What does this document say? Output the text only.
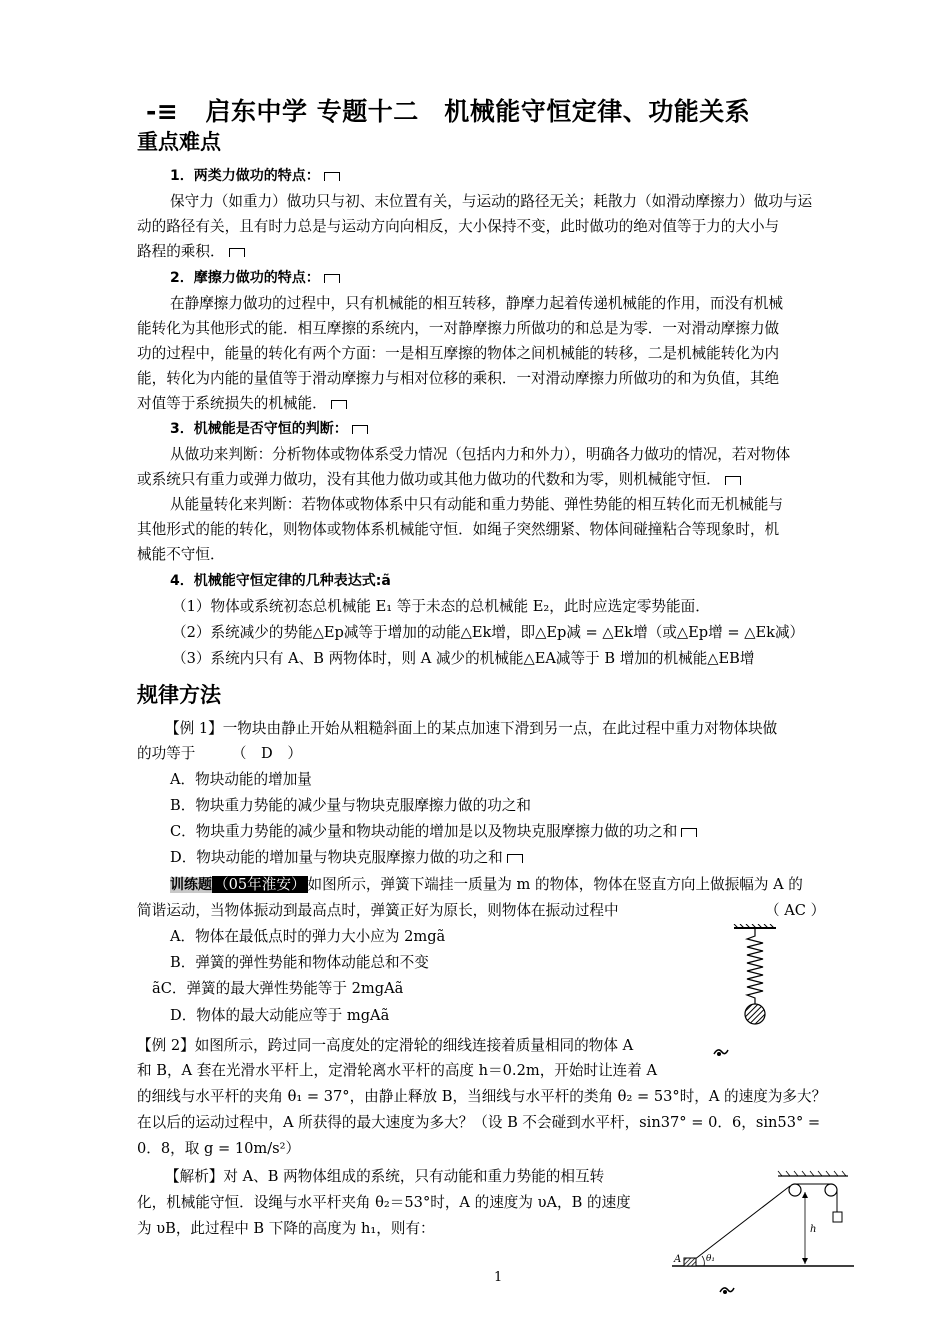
-≡ 启东中学 专题十二　机械能守恒定律、功能关系
重点难点
1．两类力做功的特点：
保守力（如重力）做功只与初、末位置有关，与运动的路径无关；耗散力（如滑动摩擦力）做功与运
动的路径有关，且有时力总是与运动方向向相反，大小保持不变，此时做功的绝对值等于力的大小与
路程的乘积．
2．摩擦力做功的特点：
在静摩擦力做功的过程中，只有机械能的相互转移，静摩力起着传递机械能的作用，而没有机械
能转化为其他形式的能．相互摩擦的系统内，一对静摩擦力所做功的和总是为零．一对滑动摩擦力做
功的过程中，能量的转化有两个方面：一是相互摩擦的物体之间机械能的转移，二是机械能转化为内
能，转化为内能的量值等于滑动摩擦力与相对位移的乘积．一对滑动摩擦力所做功的和为负值，其绝
对值等于系统损失的机械能．
3．机械能是否守恒的判断：
从做功来判断：分析物体或物体系受力情况（包括内力和外力），明确各力做功的情况，若对物体
或系统只有重力或弹力做功，没有其他力做功或其他力做功的代数和为零，则机械能守恒．
从能量转化来判断：若物体或物体系中只有动能和重力势能、弹性势能的相互转化而无机械能与
其他形式的能的转化，则物体或物体系机械能守恒．如绳子突然绷紧、物体间碰撞粘合等现象时，机
械能不守恒．
4．机械能守恒定律的几种表达式:ã
（1）物体或系统初态总机械能 E₁ 等于未态的总机械能 E₂，此时应选定零势能面．
（2）系统减少的势能△Ep减等于增加的动能△Ek增，即△Ep减 = △Ek增（或△Ep增 = △Ek减）
（3）系统内只有 A、B 两物体时，则 A 减少的机械能△EA减等于 B 增加的机械能△EB增
规律方法
【例 1】一物块由静止开始从粗糙斜面上的某点加速下滑到另一点，在此过程中重力对物体块做
的功等于　　　（　D　）
A．物块动能的增加量
B．物块重力势能的减少量与物块克服摩擦力做的功之和
C．物块重力势能的减少量和物块动能的增加是以及物块克服摩擦力做的功之和
D．物块动能的增加量与物块克服摩擦力做的功之和
训练题 （05年淮安） 如图所示，弹簧下端挂一质量为 m 的物体，物体在竖直方向上做振幅为 A 的
简谐运动，当物体振动到最高点时，弹簧正好为原长，则物体在振动过程中	（ AC ）
A．物体在最低点时的弹力大小应为 2mgã
B．弹簧的弹性势能和物体动能总和不变
ãC．弹簧的最大弹性势能等于 2mgAã
D．物体的最大动能应等于 mgAã
【例 2】如图所示，跨过同一高度处的定滑轮的细线连接着质量相同的物体 A
和 B，A 套在光滑水平杆上，定滑轮离水平杆的高度 h＝0.2m，开始时让连着 A
的细线与水平杆的夹角 θ₁ = 37°，由静止释放 B，当细线与水平杆的类角 θ₂ = 53°时，A 的速度为多大？
在以后的运动过程中，A 所获得的最大速度为多大？（设 B 不会碰到水平杆，sin37° = 0．6，sin53° =
0．8，取 g = 10m/s²）
【解析】对 A、B 两物体组成的系统，只有动能和重力势能的相互转
化，机械能守恒．设绳与水平杆夹角 θ₂＝53°时，A 的速度为 υA，B 的速度
为 υB，此过程中 B 下降的高度为 h₁，则有：	h
A	θ₁
1
